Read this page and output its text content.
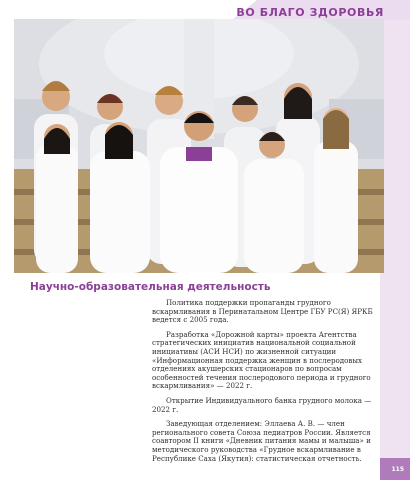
ВО БЛАГО ЗДОРОВЬЯ
Научно-образовательная деятельность

Политика поддержки пропаганды грудного вскармливания в Перинатальном Центре ГБУ РС(Я) ЯРКБ ведется с 2005 года.

Разработка «Дорожной карты» проекта Агентства стратегических инициатив национальной социальной инициативы (АСИ НСИ) по жизненной ситуации «Информационная поддержка женщин в послеродовых отделениях акушерских стационаров по вопросам особенностей течения послеродового периода и грудного вскармливания» — 2022 г.

Открытие Индивидуального банка грудного молока — 2022 г.

Заведующая отделением: Эллаева А. В. — член регионального совета Союза педиатров России. Является соавтором II книги «Дневник питания мамы и малыша» и методического руководства «Грудное вскармливание в Республике Саха (Якутия): статистическая отчетность.

115
